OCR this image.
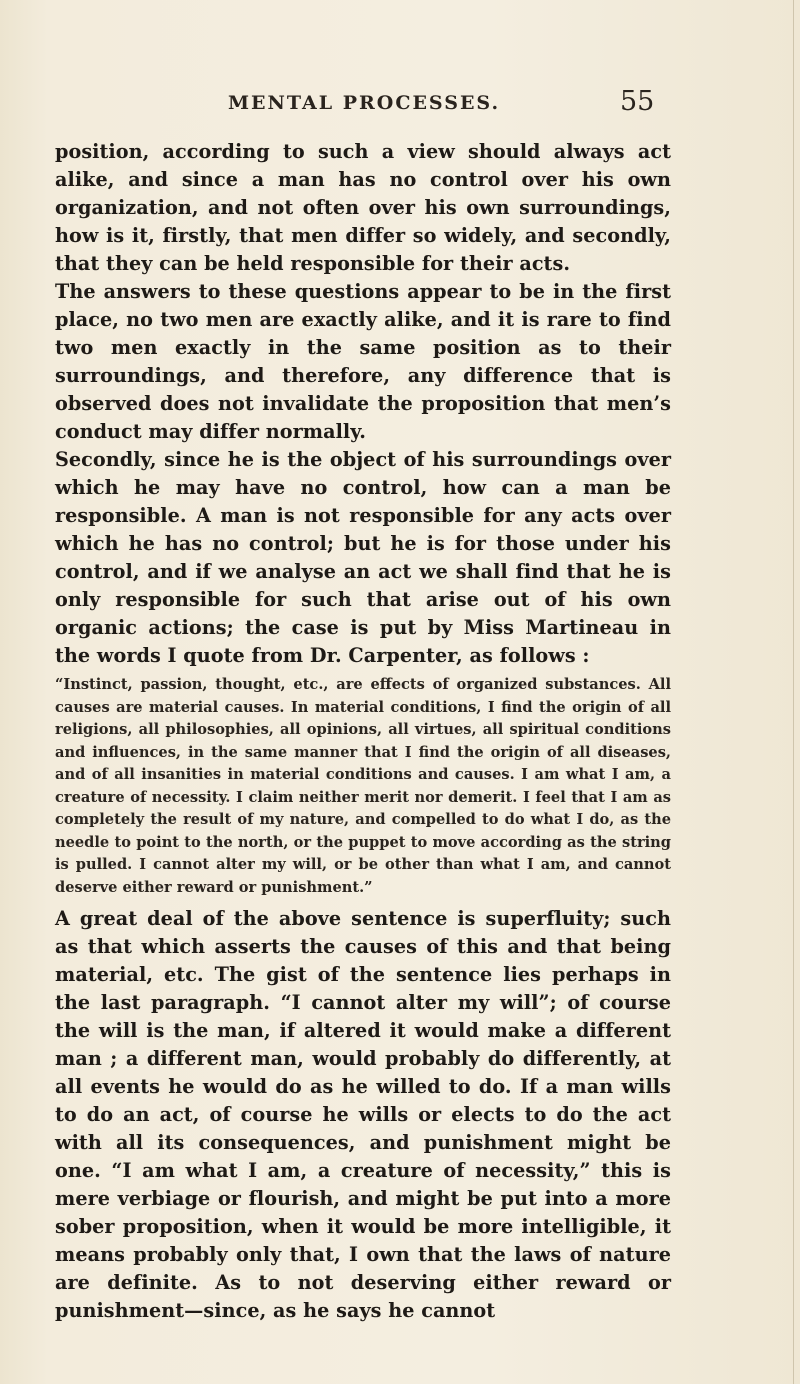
MENTAL PROCESSES.	55

position, according to such a view should always act alike, and since a man has no control over his own organization, and not often over his own surroundings, how is it, firstly, that men differ so widely, and secondly, that they can be held responsible for their acts.

The answers to these questions appear to be in the first place, no two men are exactly alike, and it is rare to find two men exactly in the same position as to their surroundings, and therefore, any difference that is observed does not invalidate the proposition that men’s conduct may differ normally.

Secondly, since he is the object of his surroundings over which he may have no control, how can a man be responsible. A man is not responsible for any acts over which he has no control; but he is for those under his control, and if we analyse an act we shall find that he is only responsible for such that arise out of his own organic actions; the case is put by Miss Martineau in the words I quote from Dr. Carpenter, as follows :

“Instinct, passion, thought, etc., are effects of organized substances. All causes are material causes. In material conditions, I find the origin of all religions, all philosophies, all opinions, all virtues, all spiritual conditions and influences, in the same manner that I find the origin of all diseases, and of all insanities in material conditions and causes. I am what I am, a creature of necessity. I claim neither merit nor demerit. I feel that I am as completely the result of my nature, and compelled to do what I do, as the needle to point to the north, or the puppet to move according as the string is pulled. I cannot alter my will, or be other than what I am, and cannot deserve either reward or punishment.”

A great deal of the above sentence is superfluity; such as that which asserts the causes of this and that being material, etc. The gist of the sentence lies perhaps in the last paragraph. “I cannot alter my will”; of course the will is the man, if altered it would make a different man ; a different man, would probably do differently, at all events he would do as he willed to do. If a man wills to do an act, of course he wills or elects to do the act with all its consequences, and punishment might be one. “I am what I am, a creature of necessity,” this is mere verbiage or flourish, and might be put into a more sober proposition, when it would be more intelligible, it means probably only that, I own that the laws of nature are definite. As to not deserving either reward or punishment—since, as he says he cannot
